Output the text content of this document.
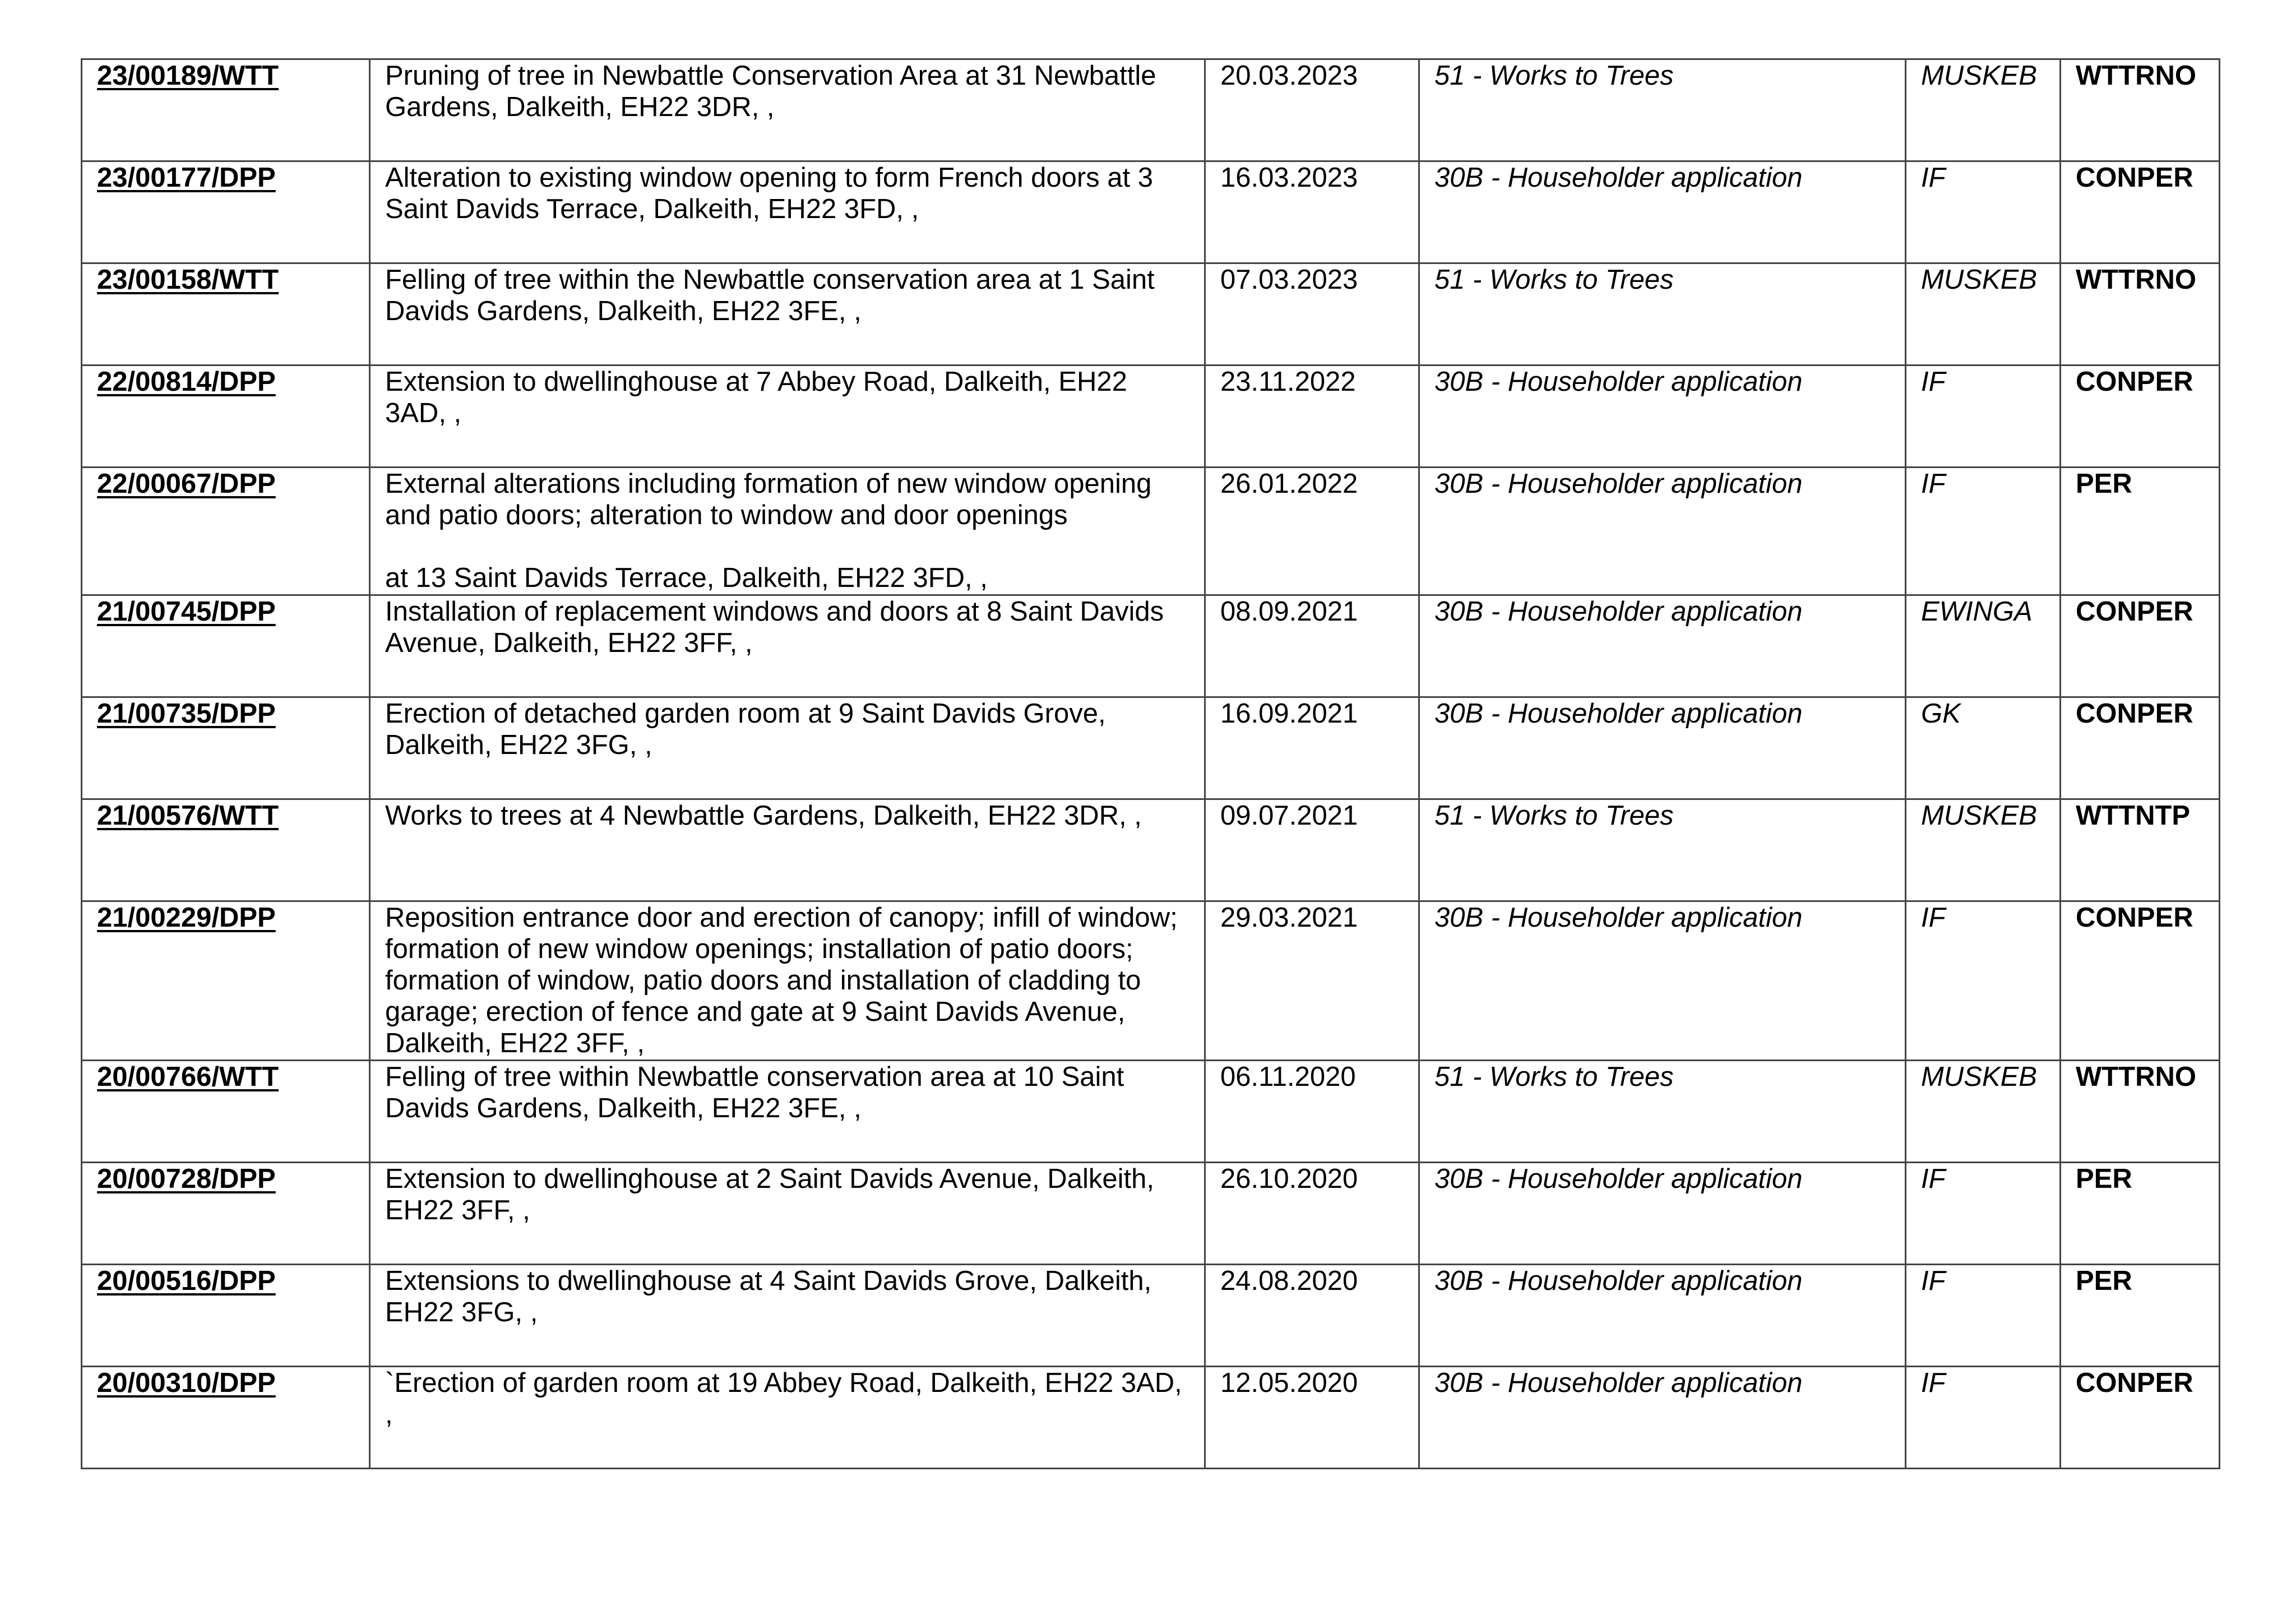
23/00189/WTT	Pruning of tree in Newbattle Conservation Area at 31 Newbattle Gardens, Dalkeith, EH22 3DR, ,	20.03.2023	51 - Works to Trees	MUSKEB	WTTRNO
23/00177/DPP	Alteration to existing window opening to form French doors at 3 Saint Davids Terrace, Dalkeith, EH22 3FD, ,	16.03.2023	30B - Householder application	IF	CONPER
23/00158/WTT	Felling of tree within the Newbattle conservation area at 1 Saint Davids Gardens, Dalkeith, EH22 3FE, ,	07.03.2023	51 - Works to Trees	MUSKEB	WTTRNO
22/00814/DPP	Extension to dwellinghouse at 7 Abbey Road, Dalkeith, EH22 3AD, ,	23.11.2022	30B - Householder application	IF	CONPER
22/00067/DPP	External alterations including formation of new window opening and patio doors; alteration to window and door openings

at 13 Saint Davids Terrace, Dalkeith, EH22 3FD, ,	26.01.2022	30B - Householder application	IF	PER
21/00745/DPP	Installation of replacement windows and doors at 8 Saint Davids Avenue, Dalkeith, EH22 3FF, ,	08.09.2021	30B - Householder application	EWINGA	CONPER
21/00735/DPP	Erection of detached garden room at 9 Saint Davids Grove, Dalkeith, EH22 3FG, ,	16.09.2021	30B - Householder application	GK	CONPER
21/00576/WTT	Works to trees at 4 Newbattle Gardens, Dalkeith, EH22 3DR, ,	09.07.2021	51 - Works to Trees	MUSKEB	WTTNTP
21/00229/DPP	Reposition entrance door and erection of canopy; infill of window; formation of new window openings; installation of patio doors; formation of window, patio doors and installation of cladding to garage; erection of fence and gate at 9 Saint Davids Avenue, Dalkeith, EH22 3FF, ,	29.03.2021	30B - Householder application	IF	CONPER
20/00766/WTT	Felling of tree within Newbattle conservation area at 10 Saint Davids Gardens, Dalkeith, EH22 3FE, ,	06.11.2020	51 - Works to Trees	MUSKEB	WTTRNO
20/00728/DPP	Extension to dwellinghouse at 2 Saint Davids Avenue, Dalkeith, EH22 3FF, ,	26.10.2020	30B - Householder application	IF	PER
20/00516/DPP	Extensions to dwellinghouse at 4 Saint Davids Grove, Dalkeith, EH22 3FG, ,	24.08.2020	30B - Householder application	IF	PER
20/00310/DPP	`Erection of garden room at 19 Abbey Road, Dalkeith, EH22 3AD, ,	12.05.2020	30B - Householder application	IF	CONPER
